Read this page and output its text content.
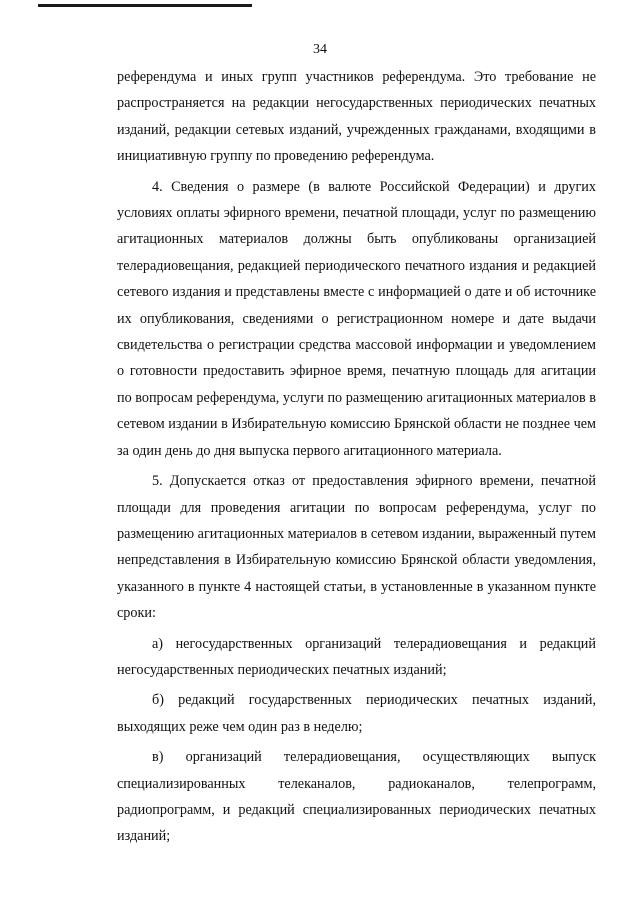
34

референдума и иных групп участников референдума. Это требование не распространяется на редакции негосударственных периодических печатных изданий, редакции сетевых изданий, учрежденных гражданами, входящими в инициативную группу по проведению референдума.

4. Сведения о размере (в валюте Российской Федерации) и других условиях оплаты эфирного времени, печатной площади, услуг по размещению агитационных материалов должны быть опубликованы организацией телерадиовещания, редакцией периодического печатного издания и редакцией сетевого издания и представлены вместе с информацией о дате и об источнике их опубликования, сведениями о регистрационном номере и дате выдачи свидетельства о регистрации средства массовой информации и уведомлением о готовности предоставить эфирное время, печатную площадь для агитации по вопросам референдума, услуги по размещению агитационных материалов в сетевом издании в Избирательную комиссию Брянской области не позднее чем за один день до дня выпуска первого агитационного материала.

5. Допускается отказ от предоставления эфирного времени, печатной площади для проведения агитации по вопросам референдума, услуг по размещению агитационных материалов в сетевом издании, выраженный путем непредставления в Избирательную комиссию Брянской области уведомления, указанного в пункте 4 настоящей статьи, в установленные в указанном пункте сроки:

а) негосударственных организаций телерадиовещания и редакций негосударственных периодических печатных изданий;

б) редакций государственных периодических печатных изданий, выходящих реже чем один раз в неделю;

в) организаций телерадиовещания, осуществляющих выпуск специализированных телеканалов, радиоканалов, телепрограмм, радиопрограмм, и редакций специализированных периодических печатных изданий;
